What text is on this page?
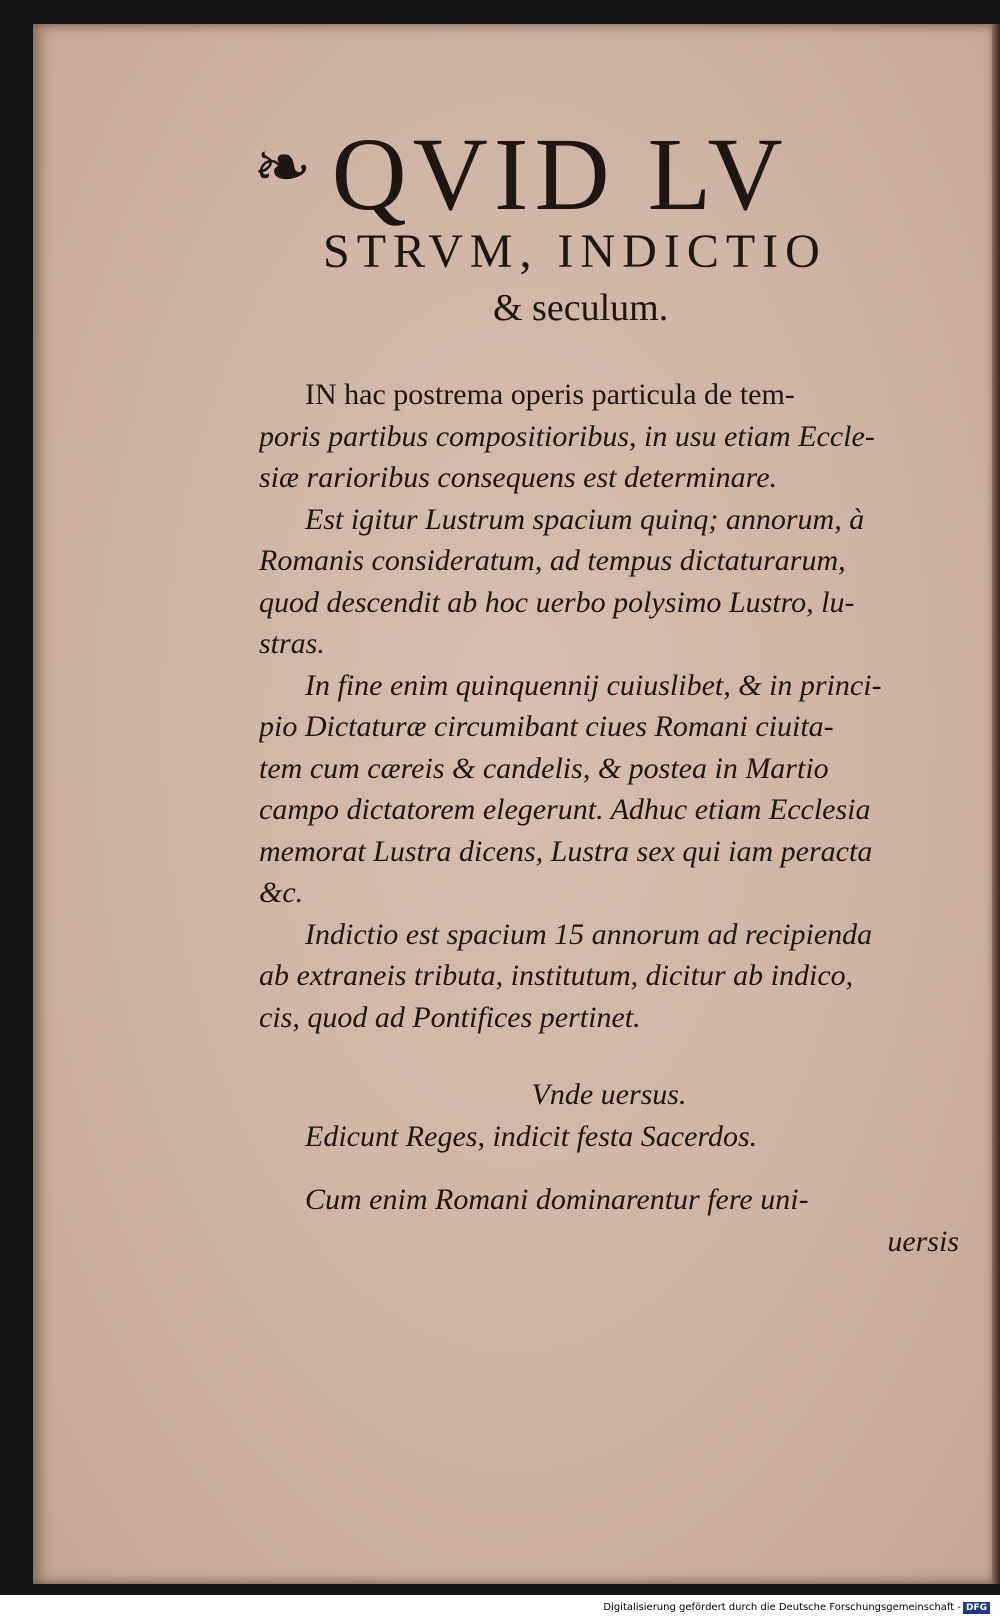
❧ QVID LV
STRVM, INDICTIO
& seculum.
IN hac postrema operis particula de tem-
poris partibus compositioribus, in usu etiam Eccle-
siæ rarioribus consequens est determinare.
Est igitur Lustrum spacium quinq; annorum, à
Romanis consideratum, ad tempus dictaturarum,
quod descendit ab hoc uerbo polysimo Lustro, lu-
stras.
In fine enim quinquennij cuiuslibet, & in princi-
pio Dictaturæ circumibant ciues Romani ciuita-
tem cum cæreis & candelis, & postea in Martio
campo dictatorem elegerunt. Adhuc etiam Ecclesia
memorat Lustra dicens, Lustra sex qui iam peracta
&c.
Indictio est spacium 15 annorum ad recipienda
ab extraneis tributa, institutum, dicitur ab indico,
cis, quod ad Pontifices pertinet.
Vnde uersus.
Edicunt Reges, indicit festa Sacerdos.
Cum enim Romani dominarentur fere uni-
uersis
Digitalisierung gefördert durch die Deutsche Forschungsgemeinschaft - DFG
